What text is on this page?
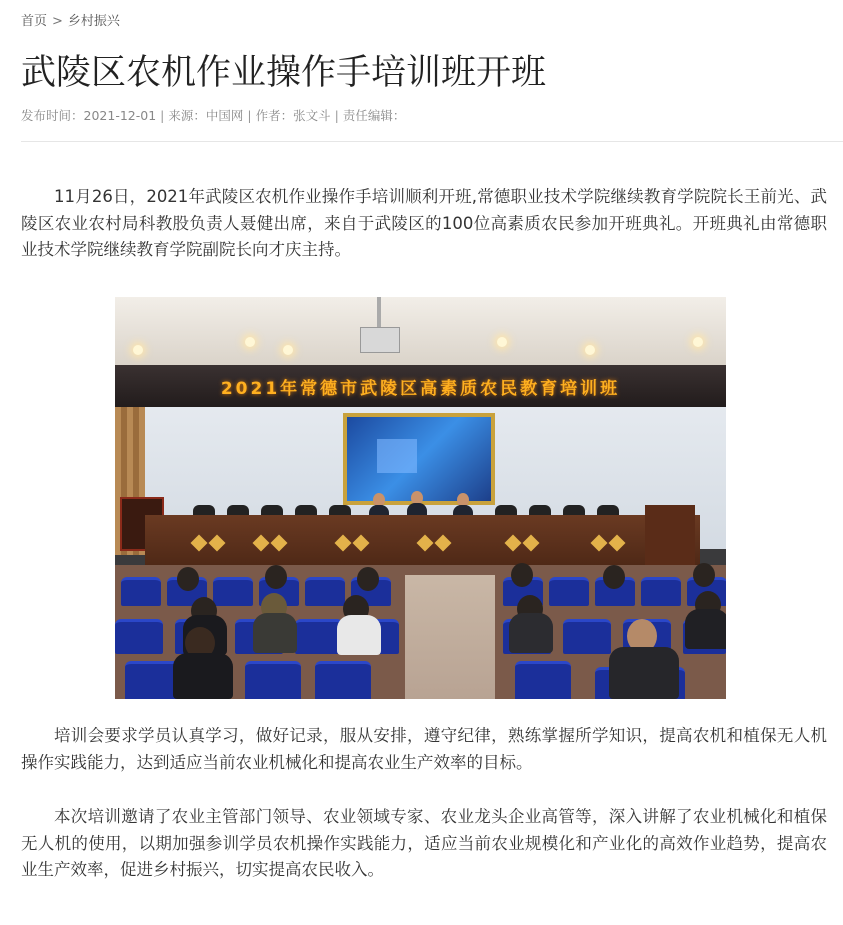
首页 > 乡村振兴
武陵区农机作业操作手培训班开班
发布时间：2021-12-01 | 来源：中国网 | 作者：张文斗 | 责任编辑：

11月26日，2021年武陵区农机作业操作手培训顺利开班,常德职业技术学院继续教育学院院长王前光、武陵区农业农村局科教股负责人聂健出席，来自于武陵区的100位高素质农民参加开班典礼。开班典礼由常德职业技术学院继续教育学院副院长向才庆主持。

2021年常德市武陵区高素质农民教育培训班

培训会要求学员认真学习，做好记录，服从安排，遵守纪律，熟练掌握所学知识，提高农机和植保无人机操作实践能力，达到适应当前农业机械化和提高农业生产效率的目标。

本次培训邀请了农业主管部门领导、农业领域专家、农业龙头企业高管等，深入讲解了农业机械化和植保无人机的使用，以期加强参训学员农机操作实践能力，适应当前农业规模化和产业化的高效作业趋势，提高农业生产效率，促进乡村振兴，切实提高农民收入。
